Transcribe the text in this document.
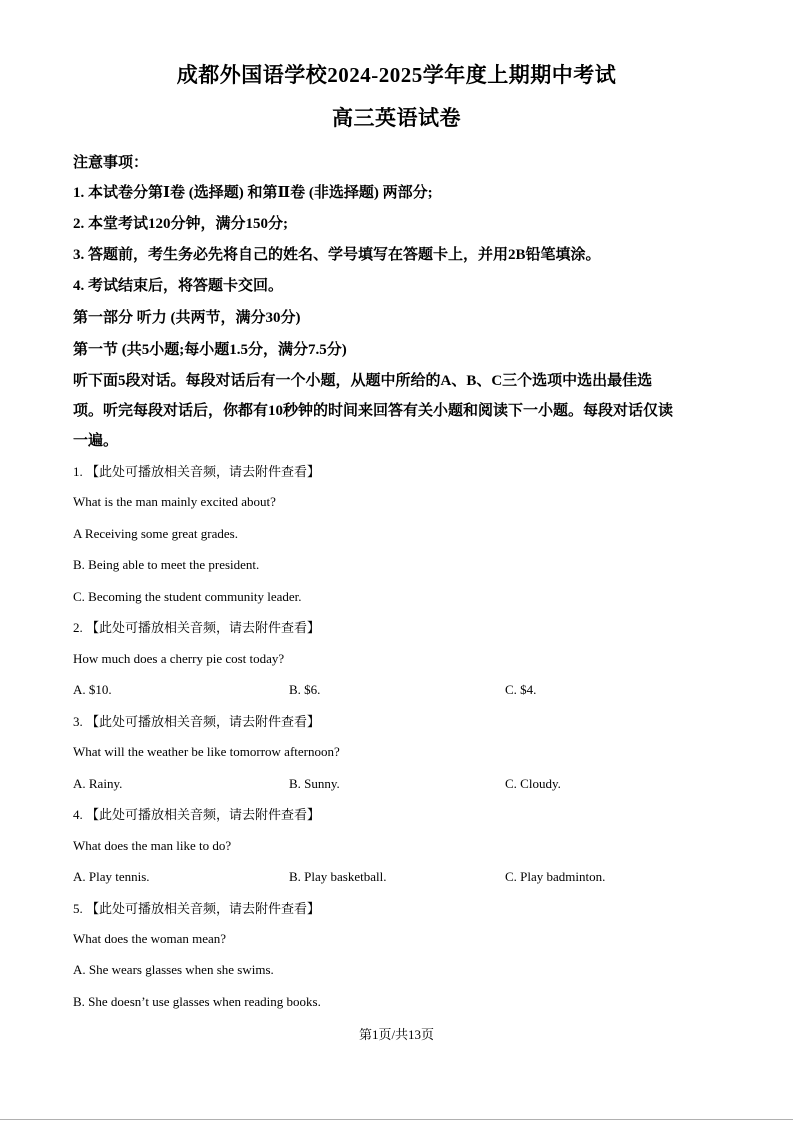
成都外国语学校2024-2025学年度上期期中考试
高三英语试卷
注意事项：
1. 本试卷分第Ⅰ卷 (选择题) 和第Ⅱ卷 (非选择题) 两部分;
2. 本堂考试120分钟，满分150分;
3. 答题前，考生务必先将自己的姓名、学号填写在答题卡上，并用2B铅笔填涂。
4. 考试结束后，将答题卡交回。
第一部分 听力 (共两节，满分30分)
第一节 (共5小题;每小题1.5分，满分7.5分)
听下面5段对话。每段对话后有一个小题，从题中所给的A、B、C三个选项中选出最佳选
项。听完每段对话后，你都有10秒钟的时间来回答有关小题和阅读下一小题。每段对话仅读
一遍。
1. 【此处可播放相关音频，请去附件查看】
What is the man mainly excited about?
A Receiving some great grades.
B. Being able to meet the president.
C. Becoming the student community leader.
2. 【此处可播放相关音频，请去附件查看】
How much does a cherry pie cost today?
A. $10.	B. $6.	C. $4.
3. 【此处可播放相关音频，请去附件查看】
What will the weather be like tomorrow afternoon?
A. Rainy.	B. Sunny.	C. Cloudy.
4. 【此处可播放相关音频，请去附件查看】
What does the man like to do?
A. Play tennis.	B. Play basketball.	C. Play badminton.
5. 【此处可播放相关音频，请去附件查看】
What does the woman mean?
A. She wears glasses when she swims.
B. She doesn’t use glasses when reading books.
第1页/共13页
